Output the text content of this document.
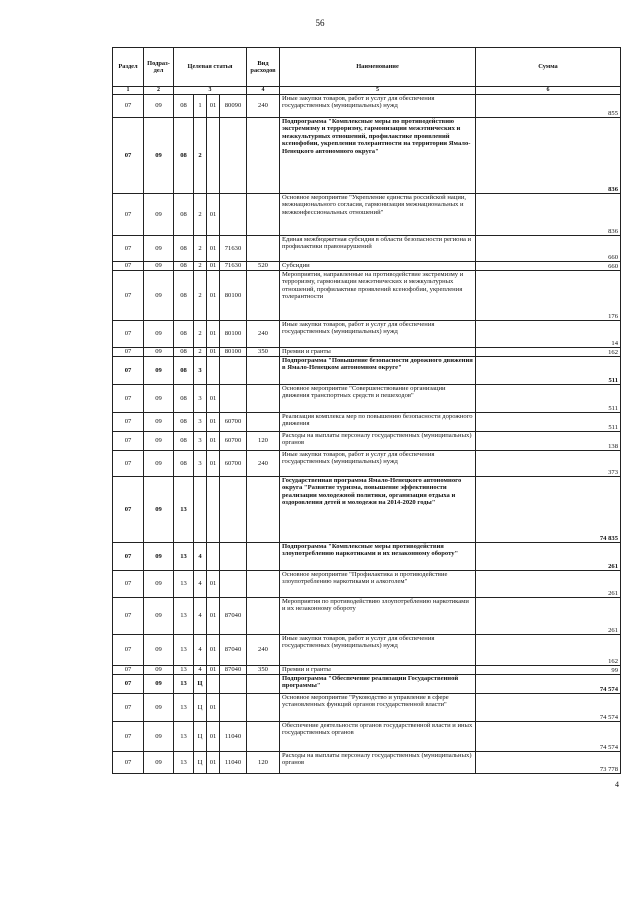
56
Раздел	Подраз-дел	Целевая статья				Вид расходов	Наименование	Сумма
1	2	3				4	5	6
07	09	08	1	01	80090	240	Иные закупки товаров, работ и услуг для обеспечения государственных (муниципальных) нужд	855
07	09	08	2				Подпрограмма "Комплексные меры по противодействию экстремизму и терроризму, гармонизации межэтнических и межкультурных отношений, профилактике проявлений ксенофобии, укрепления толерантности на территории Ямало-Ненецкого автономного округа"	836
07	09	08	2	01			Основное мероприятие "Укрепление единства российской нации, межнационального согласия, гармонизация межнациональных и межконфессиональных отношений"	836
07	09	08	2	01	71630		Единая межбюджетная субсидия в области безопасности региона и профилактики правонарушений	660
07	09	08	2	01	71630	520	Субсидии	660
07	09	08	2	01	80100		Мероприятия, направленные на противодействие экстремизму и терроризму, гармонизации межэтнических и межкультурных отношений, профилактике проявлений ксенофобии, укрепления толерантности	176
07	09	08	2	01	80100	240	Иные закупки товаров, работ и услуг для обеспечения государственных (муниципальных) нужд	14
07	09	08	2	01	80100	350	Премии и гранты	162
07	09	08	3				Подпрограмма "Повышение безопасности дорожного движения в Ямало-Ненецком автономном округе"	511
07	09	08	3	01			Основное мероприятие "Совершенствование организации движения транспортных средств и пешеходов"	511
07	09	08	3	01	60700		Реализация комплекса мер по повышению безопасности дорожного движения	511
07	09	08	3	01	60700	120	Расходы на выплаты персоналу государственных (муниципальных) органов	138
07	09	08	3	01	60700	240	Иные закупки товаров, работ и услуг для обеспечения государственных (муниципальных) нужд	373
07	09	13					Государственная программа Ямало-Ненецкого автономного округа "Развитие туризма, повышение эффективности реализации молодежной политики, организация отдыха и оздоровления детей и молодежи на 2014-2020 годы"	74 835
07	09	13	4				Подпрограмма "Комплексные меры противодействия злоупотреблению наркотиками и их незаконному обороту"	261
07	09	13	4	01			Основное мероприятие "Профилактика и противодействие злоупотреблению наркотиками и алкоголем"	261
07	09	13	4	01	87040		Мероприятия по противодействию злоупотреблению наркотиками и их незаконному обороту	261
07	09	13	4	01	87040	240	Иные закупки товаров, работ и услуг для обеспечения государственных (муниципальных) нужд	162
07	09	13	4	01	87040	350	Премии и гранты	99
07	09	13	Ц				Подпрограмма "Обеспечение реализации Государственной программы"	74 574
07	09	13	Ц	01			Основное мероприятие "Руководство и управление в сфере установленных функций органов государственной власти"	74 574
07	09	13	Ц	01	11040		Обеспечение деятельности органов государственной власти и иных государственных органов	74 574
07	09	13	Ц	01	11040	120	Расходы на выплаты персоналу государственных (муниципальных) органов	73 778
4
